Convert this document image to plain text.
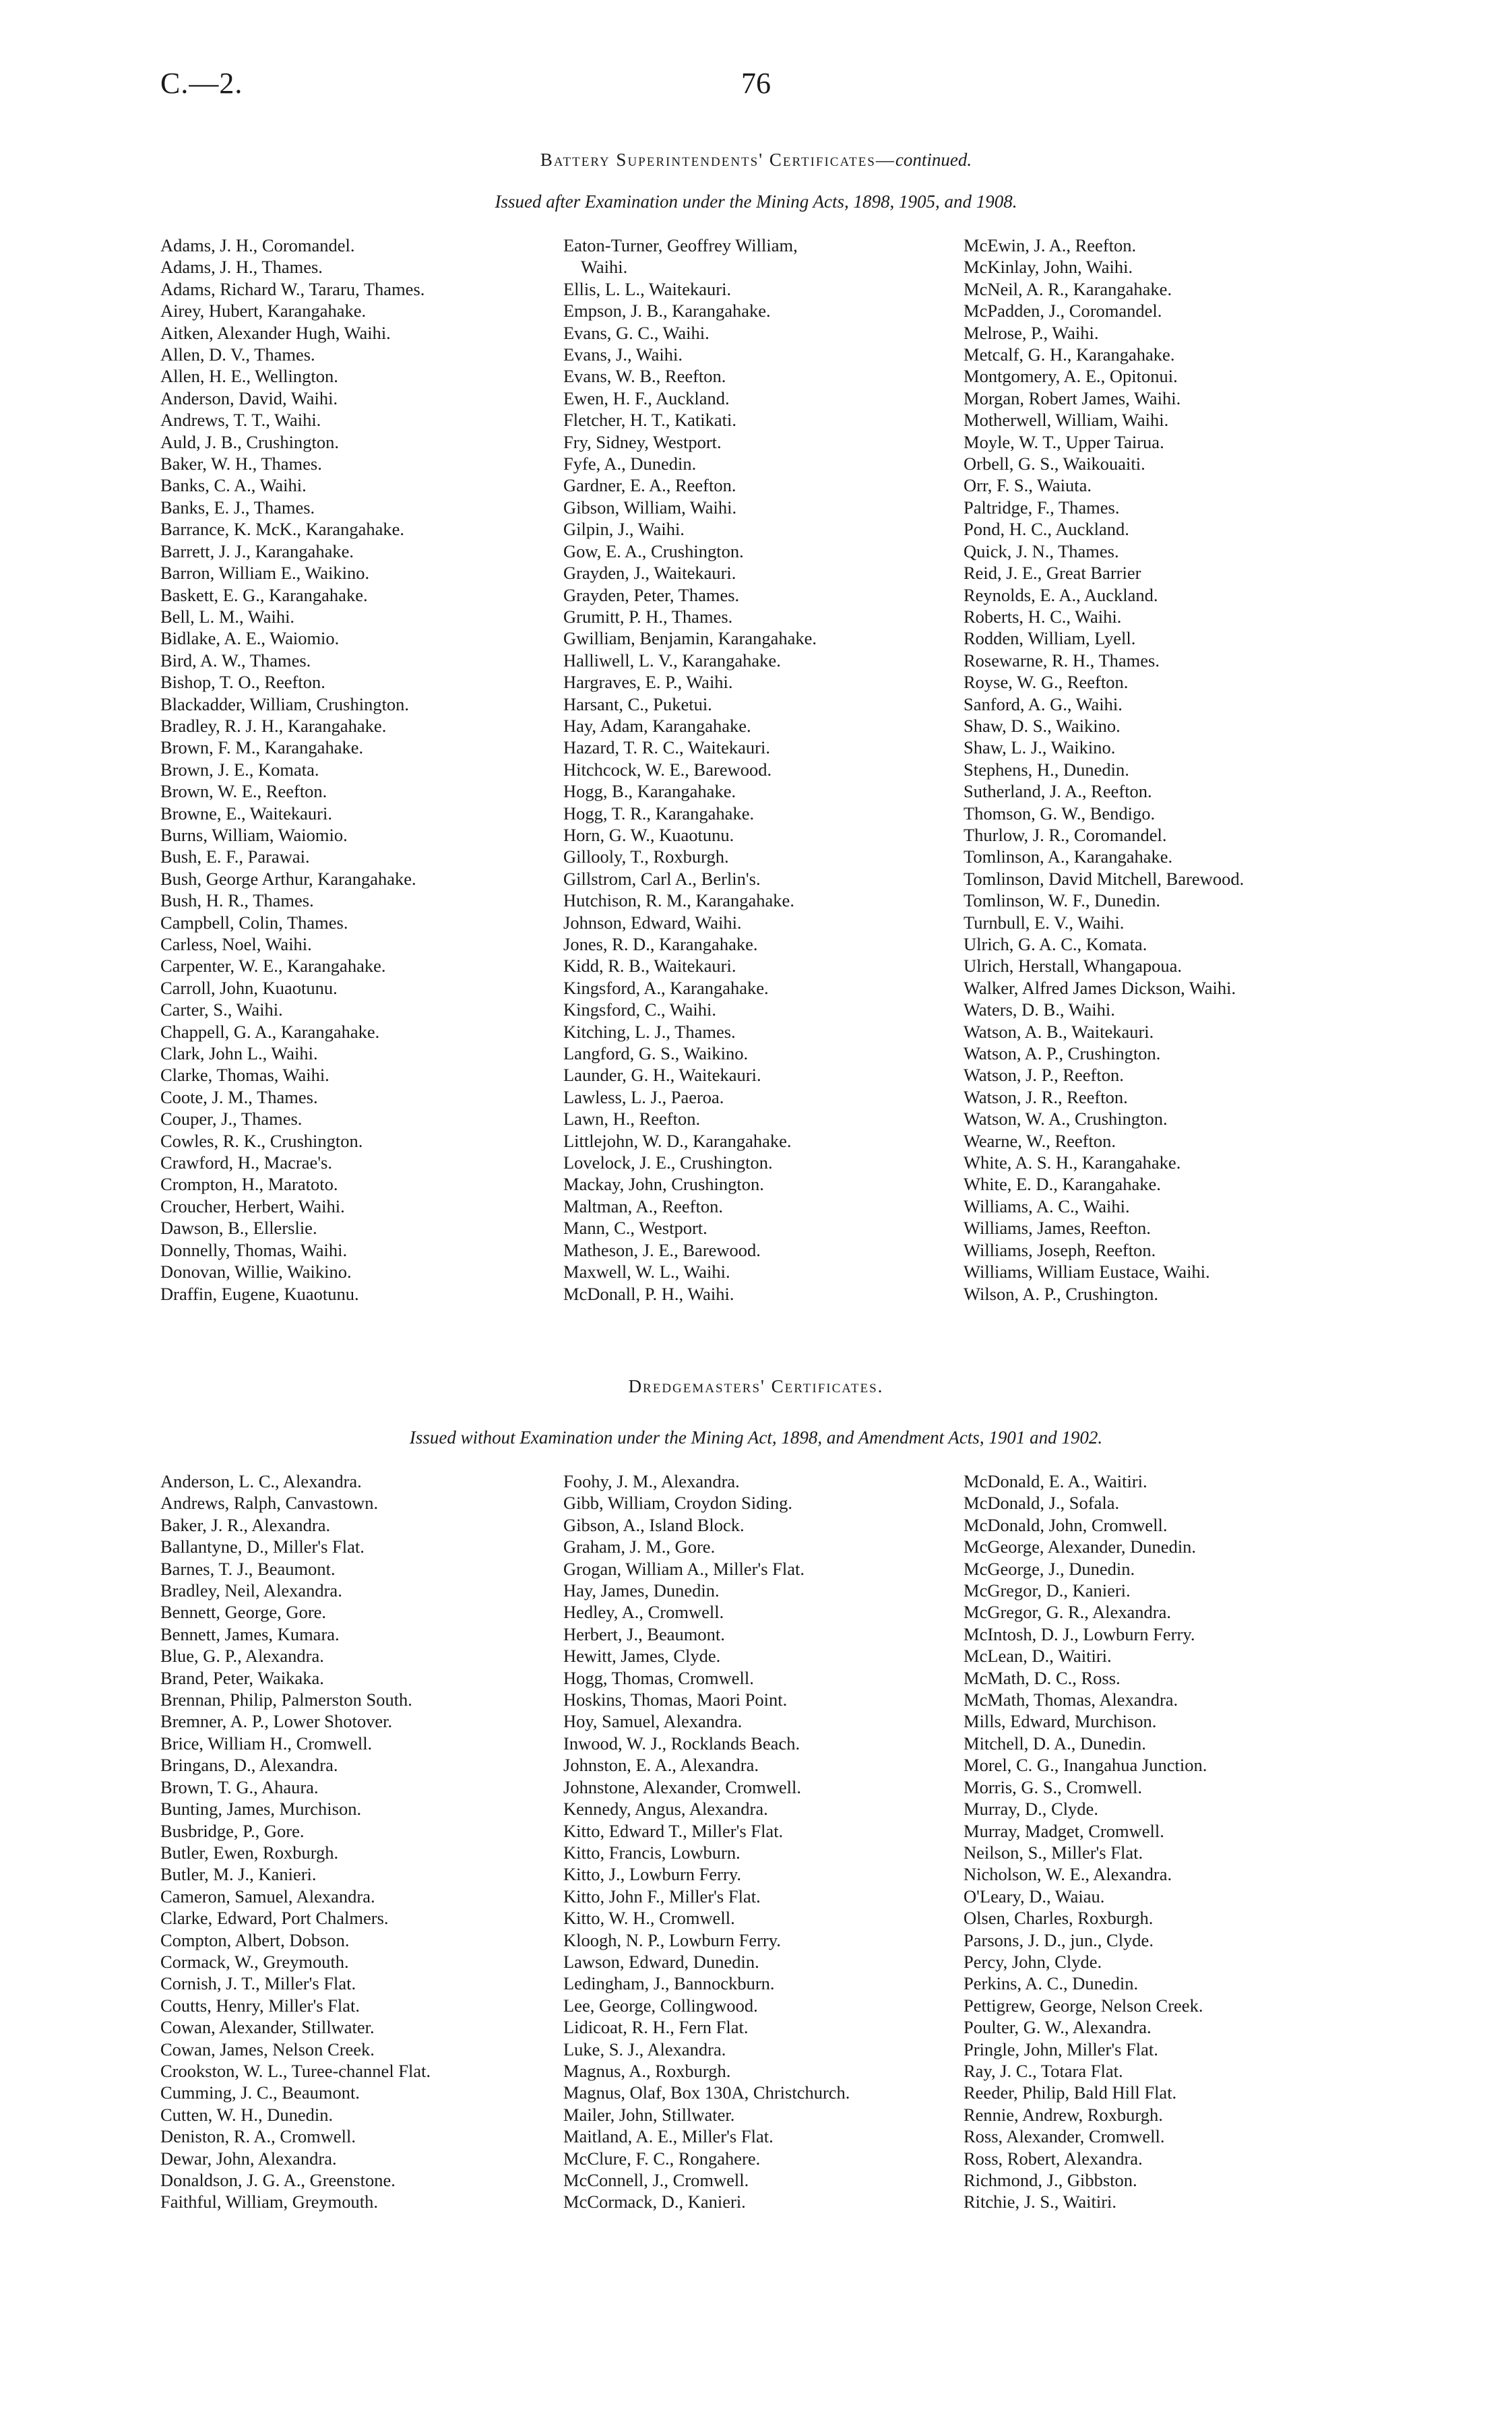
C.—2.	76
Battery Superintendents' Certificates—continued.
Issued after Examination under the Mining Acts, 1898, 1905, and 1908.
Adams, J. H., Coromandel.
Adams, J. H., Thames.
Adams, Richard W., Tararu, Thames.
Airey, Hubert, Karangahake.
Aitken, Alexander Hugh, Waihi.
Allen, D. V., Thames.
Allen, H. E., Wellington.
Anderson, David, Waihi.
Andrews, T. T., Waihi.
Auld, J. B., Crushington.
Baker, W. H., Thames.
Banks, C. A., Waihi.
Banks, E. J., Thames.
Barrance, K. McK., Karangahake.
Barrett, J. J., Karangahake.
Barron, William E., Waikino.
Baskett, E. G., Karangahake.
Bell, L. M., Waihi.
Bidlake, A. E., Waiomio.
Bird, A. W., Thames.
Bishop, T. O., Reefton.
Blackadder, William, Crushington.
Bradley, R. J. H., Karangahake.
Brown, F. M., Karangahake.
Brown, J. E., Komata.
Brown, W. E., Reefton.
Browne, E., Waitekauri.
Burns, William, Waiomio.
Bush, E. F., Parawai.
Bush, George Arthur, Karangahake.
Bush, H. R., Thames.
Campbell, Colin, Thames.
Carless, Noel, Waihi.
Carpenter, W. E., Karangahake.
Carroll, John, Kuaotunu.
Carter, S., Waihi.
Chappell, G. A., Karangahake.
Clark, John L., Waihi.
Clarke, Thomas, Waihi.
Coote, J. M., Thames.
Couper, J., Thames.
Cowles, R. K., Crushington.
Crawford, H., Macrae's.
Crompton, H., Maratoto.
Croucher, Herbert, Waihi.
Dawson, B., Ellerslie.
Donnelly, Thomas, Waihi.
Donovan, Willie, Waikino.
Draffin, Eugene, Kuaotunu.
Eaton-Turner, Geoffrey William,
Waihi.
Ellis, L. L., Waitekauri.
Empson, J. B., Karangahake.
Evans, G. C., Waihi.
Evans, J., Waihi.
Evans, W. B., Reefton.
Ewen, H. F., Auckland.
Fletcher, H. T., Katikati.
Fry, Sidney, Westport.
Fyfe, A., Dunedin.
Gardner, E. A., Reefton.
Gibson, William, Waihi.
Gilpin, J., Waihi.
Gow, E. A., Crushington.
Grayden, J., Waitekauri.
Grayden, Peter, Thames.
Grumitt, P. H., Thames.
Gwilliam, Benjamin, Karangahake.
Halliwell, L. V., Karangahake.
Hargraves, E. P., Waihi.
Harsant, C., Puketui.
Hay, Adam, Karangahake.
Hazard, T. R. C., Waitekauri.
Hitchcock, W. E., Barewood.
Hogg, B., Karangahake.
Hogg, T. R., Karangahake.
Horn, G. W., Kuaotunu.
Gillooly, T., Roxburgh.
Gillstrom, Carl A., Berlin's.
Hutchison, R. M., Karangahake.
Johnson, Edward, Waihi.
Jones, R. D., Karangahake.
Kidd, R. B., Waitekauri.
Kingsford, A., Karangahake.
Kingsford, C., Waihi.
Kitching, L. J., Thames.
Langford, G. S., Waikino.
Launder, G. H., Waitekauri.
Lawless, L. J., Paeroa.
Lawn, H., Reefton.
Littlejohn, W. D., Karangahake.
Lovelock, J. E., Crushington.
Mackay, John, Crushington.
Maltman, A., Reefton.
Mann, C., Westport.
Matheson, J. E., Barewood.
Maxwell, W. L., Waihi.
McDonall, P. H., Waihi.
McEwin, J. A., Reefton.
McKinlay, John, Waihi.
McNeil, A. R., Karangahake.
McPadden, J., Coromandel.
Melrose, P., Waihi.
Metcalf, G. H., Karangahake.
Montgomery, A. E., Opitonui.
Morgan, Robert James, Waihi.
Motherwell, William, Waihi.
Moyle, W. T., Upper Tairua.
Orbell, G. S., Waikouaiti.
Orr, F. S., Waiuta.
Paltridge, F., Thames.
Pond, H. C., Auckland.
Quick, J. N., Thames.
Reid, J. E., Great Barrier
Reynolds, E. A., Auckland.
Roberts, H. C., Waihi.
Rodden, William, Lyell.
Rosewarne, R. H., Thames.
Royse, W. G., Reefton.
Sanford, A. G., Waihi.
Shaw, D. S., Waikino.
Shaw, L. J., Waikino.
Stephens, H., Dunedin.
Sutherland, J. A., Reefton.
Thomson, G. W., Bendigo.
Thurlow, J. R., Coromandel.
Tomlinson, A., Karangahake.
Tomlinson, David Mitchell, Barewood.
Tomlinson, W. F., Dunedin.
Turnbull, E. V., Waihi.
Ulrich, G. A. C., Komata.
Ulrich, Herstall, Whangapoua.
Walker, Alfred James Dickson, Waihi.
Waters, D. B., Waihi.
Watson, A. B., Waitekauri.
Watson, A. P., Crushington.
Watson, J. P., Reefton.
Watson, J. R., Reefton.
Watson, W. A., Crushington.
Wearne, W., Reefton.
White, A. S. H., Karangahake.
White, E. D., Karangahake.
Williams, A. C., Waihi.
Williams, James, Reefton.
Williams, Joseph, Reefton.
Williams, William Eustace, Waihi.
Wilson, A. P., Crushington.
Dredgemasters' Certificates.
Issued without Examination under the Mining Act, 1898, and Amendment Acts, 1901 and 1902.
Anderson, L. C., Alexandra.
Andrews, Ralph, Canvastown.
Baker, J. R., Alexandra.
Ballantyne, D., Miller's Flat.
Barnes, T. J., Beaumont.
Bradley, Neil, Alexandra.
Bennett, George, Gore.
Bennett, James, Kumara.
Blue, G. P., Alexandra.
Brand, Peter, Waikaka.
Brennan, Philip, Palmerston South.
Bremner, A. P., Lower Shotover.
Brice, William H., Cromwell.
Bringans, D., Alexandra.
Brown, T. G., Ahaura.
Bunting, James, Murchison.
Busbridge, P., Gore.
Butler, Ewen, Roxburgh.
Butler, M. J., Kanieri.
Cameron, Samuel, Alexandra.
Clarke, Edward, Port Chalmers.
Compton, Albert, Dobson.
Cormack, W., Greymouth.
Cornish, J. T., Miller's Flat.
Coutts, Henry, Miller's Flat.
Cowan, Alexander, Stillwater.
Cowan, James, Nelson Creek.
Crookston, W. L., Turee-channel Flat.
Cumming, J. C., Beaumont.
Cutten, W. H., Dunedin.
Deniston, R. A., Cromwell.
Dewar, John, Alexandra.
Donaldson, J. G. A., Greenstone.
Faithful, William, Greymouth.
Foohy, J. M., Alexandra.
Gibb, William, Croydon Siding.
Gibson, A., Island Block.
Graham, J. M., Gore.
Grogan, William A., Miller's Flat.
Hay, James, Dunedin.
Hedley, A., Cromwell.
Herbert, J., Beaumont.
Hewitt, James, Clyde.
Hogg, Thomas, Cromwell.
Hoskins, Thomas, Maori Point.
Hoy, Samuel, Alexandra.
Inwood, W. J., Rocklands Beach.
Johnston, E. A., Alexandra.
Johnstone, Alexander, Cromwell.
Kennedy, Angus, Alexandra.
Kitto, Edward T., Miller's Flat.
Kitto, Francis, Lowburn.
Kitto, J., Lowburn Ferry.
Kitto, John F., Miller's Flat.
Kitto, W. H., Cromwell.
Kloogh, N. P., Lowburn Ferry.
Lawson, Edward, Dunedin.
Ledingham, J., Bannockburn.
Lee, George, Collingwood.
Lidicoat, R. H., Fern Flat.
Luke, S. J., Alexandra.
Magnus, A., Roxburgh.
Magnus, Olaf, Box 130A, Christchurch.
Mailer, John, Stillwater.
Maitland, A. E., Miller's Flat.
McClure, F. C., Rongahere.
McConnell, J., Cromwell.
McCormack, D., Kanieri.
McDonald, E. A., Waitiri.
McDonald, J., Sofala.
McDonald, John, Cromwell.
McGeorge, Alexander, Dunedin.
McGeorge, J., Dunedin.
McGregor, D., Kanieri.
McGregor, G. R., Alexandra.
McIntosh, D. J., Lowburn Ferry.
McLean, D., Waitiri.
McMath, D. C., Ross.
McMath, Thomas, Alexandra.
Mills, Edward, Murchison.
Mitchell, D. A., Dunedin.
Morel, C. G., Inangahua Junction.
Morris, G. S., Cromwell.
Murray, D., Clyde.
Murray, Madget, Cromwell.
Neilson, S., Miller's Flat.
Nicholson, W. E., Alexandra.
O'Leary, D., Waiau.
Olsen, Charles, Roxburgh.
Parsons, J. D., jun., Clyde.
Percy, John, Clyde.
Perkins, A. C., Dunedin.
Pettigrew, George, Nelson Creek.
Poulter, G. W., Alexandra.
Pringle, John, Miller's Flat.
Ray, J. C., Totara Flat.
Reeder, Philip, Bald Hill Flat.
Rennie, Andrew, Roxburgh.
Ross, Alexander, Cromwell.
Ross, Robert, Alexandra.
Richmond, J., Gibbston.
Ritchie, J. S., Waitiri.
